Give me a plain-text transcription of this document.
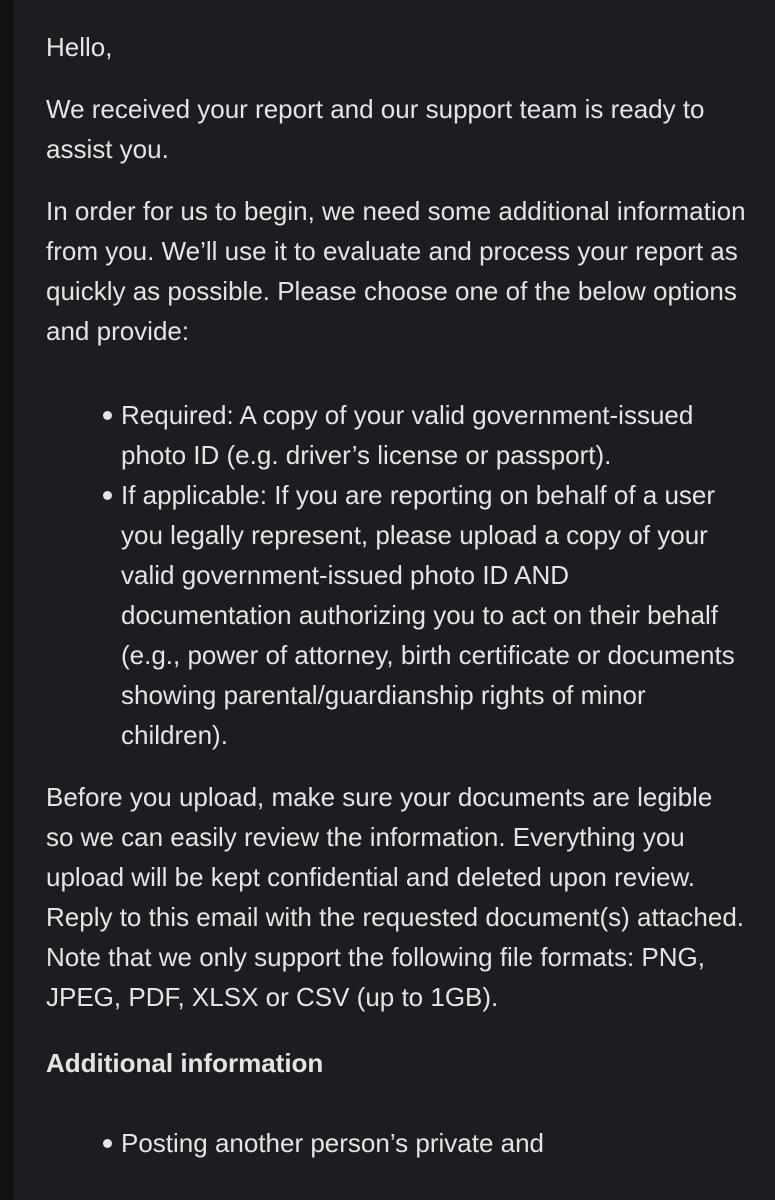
Hello,

We received your report and our support team is ready to assist you.

In order for us to begin, we need some additional information from you. We’ll use it to evaluate and process your report as quickly as possible. Please choose one of the below options and provide:

Required: A copy of your valid government-issued photo ID (e.g. driver’s license or passport).
If applicable: If you are reporting on behalf of a user you legally represent, please upload a copy of your valid government-issued photo ID AND documentation authorizing you to act on their behalf (e.g., power of attorney, birth certificate or documents showing parental/guardianship rights of minor children).

Before you upload, make sure your documents are legible so we can easily review the information. Everything you upload will be kept confidential and deleted upon review. Reply to this email with the requested document(s) attached. Note that we only support the following file formats: PNG, JPEG, PDF, XLSX or CSV (up to 1GB).

Additional information

Posting another person’s private and
